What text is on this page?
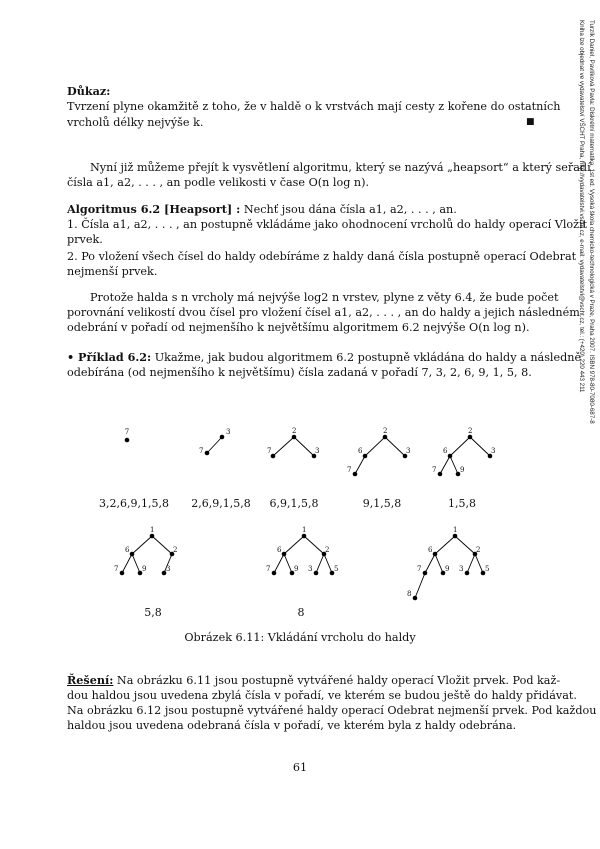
Turzík Daniel, Pavlíková Pavla: Diskrétní matematika. 1st ed. Vysoká škola chemicko-technologická v Praze, Praha 2007. ISBN 978-80-7080-687-8
Kniha lze objednat ve vydavatelství VŠCHT Praha, http://vydavatelstvi.vscht.cz, e-mail: vydavatelstvi@vscht.cz, tel.: (+420) 220 443 211
Důkaz:
Tvrzení plyne okamžitě z toho, že v haldě o k vrstvách mají cesty z kořene do ostatních
vrcholů délky nejvýše k.	■
Nyní již můžeme přejít k vysvětlení algoritmu, který se nazývá „heapsort“ a který seřadí
čísla a1, a2, . . . , an podle velikosti v čase O(n log n).
Algoritmus 6.2 [Heapsort] : Nechť jsou dána čísla a1, a2, . . . , an.
1. Čísla a1, a2, . . . , an postupně vkládáme jako ohodnocení vrcholů do haldy operací Vložit
prvek.
2. Po vložení všech čísel do haldy odebíráme z haldy daná čísla postupně operací Odebrat
nejmenší prvek.
Protože halda s n vrcholy má nejvýše log2 n vrstev, plyne z věty 6.4, že bude počet
porovnání velikostí dvou čísel pro vložení čísel a1, a2, . . . , an do haldy a jejich následném
odebrání v pořadí od nejmenšího k největšímu algoritmem 6.2 nejvýše O(n log n).
• Příklad 6.2: Ukažme, jak budou algoritmem 6.2 postupně vkládána do haldy a následně
odebírána (od nejmenšího k největšímu) čísla zadaná v pořadí 7, 3, 2, 6, 9, 1, 5, 8.
7	3
7
2
7	3
2
6	3
7
2
6	3
7	9
1
6	2
7	9	3
1
6	2
7	9 3	5
1
6	2
7	9 3	5
8
3,2,6,9,1,5,8 2,6,9,1,5,8 6,9,1,5,8	9,1,5,8	1,5,8
5,8	8
Obrázek 6.11: Vkládání vrcholu do haldy
Řešení: Na obrázku 6.11 jsou postupně vytvářené haldy operací Vložit prvek. Pod kaž-
dou haldou jsou uvedena zbylá čísla v pořadí, ve kterém se budou ještě do haldy přidávat.
Na obrázku 6.12 jsou postupně vytvářené haldy operací Odebrat nejmenší prvek. Pod každou
haldou jsou uvedena odebraná čísla v pořadí, ve kterém byla z haldy odebrána.
61
